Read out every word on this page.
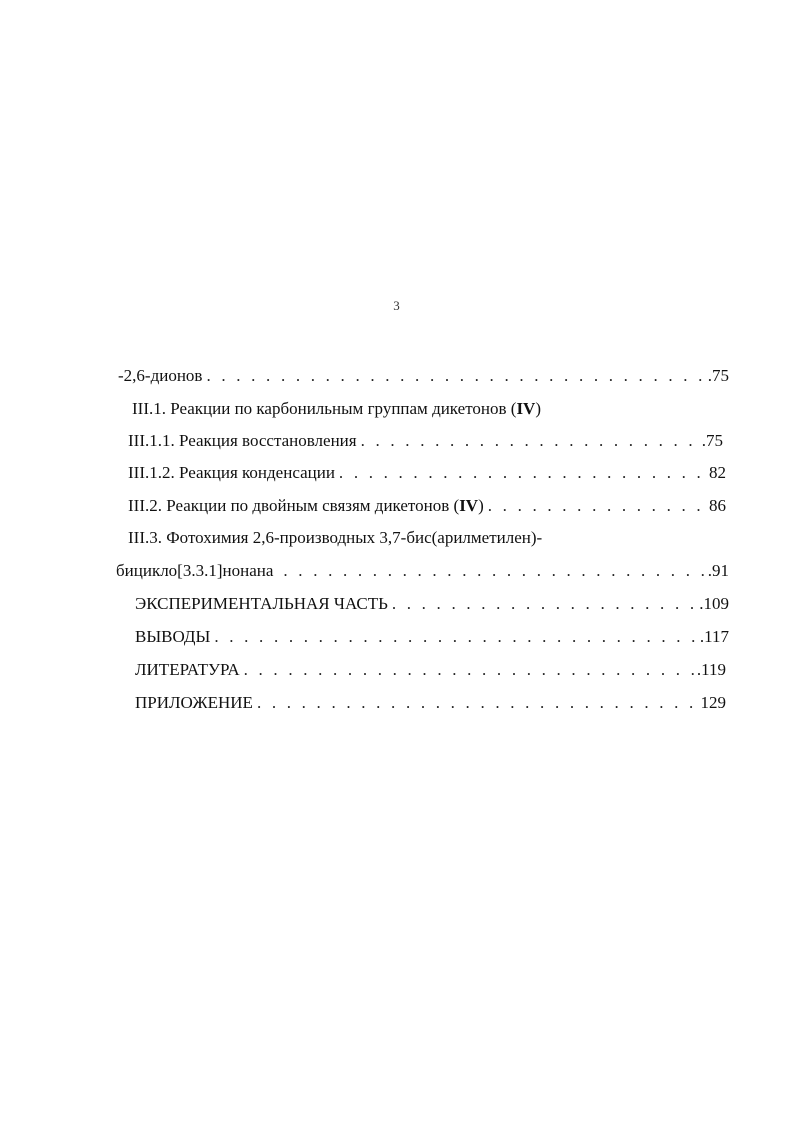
3
-2,6-дионов . . .	.75
III.1. Реакции по карбонильным группам дикетонов (IV)
III.1.1. Реакция восстановления . . .	.75
III.1.2. Реакция конденсации . . .	82
III.2. Реакции по двойным связям дикетонов (IV) . . .	86
III.3. Фотохимия 2,6-производных 3,7-бис(арилметилен)-
бицикло[3.3.1]нонана . . .	.91
ЭКСПЕРИМЕНТАЛЬНАЯ ЧАСТЬ . . .	.109
ВЫВОДЫ . . .	.117
ЛИТЕРАТУРА . . .	.119
ПРИЛОЖЕНИЕ . . .	129
